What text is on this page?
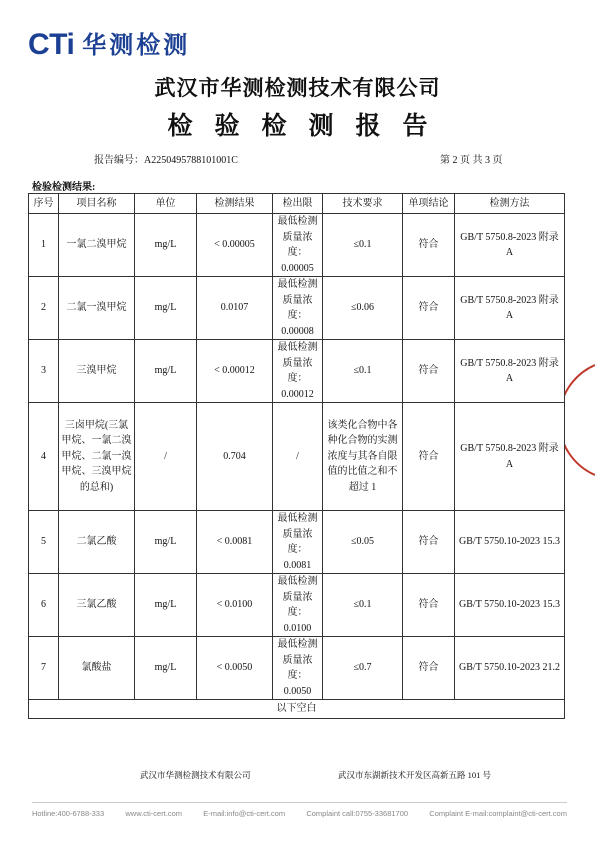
CTi 华测检测
武汉市华测检测技术有限公司
检验检测报告
报告编号：A2250495788101001C	第 2 页 共 3 页
检验检测结果:
序号	项目名称	单位	检测结果	检出限	技术要求	单项结论	检测方法
1	一氯二溴甲烷	mg/L	< 0.00005	最低检测质量浓度：0.00005	≤0.1	符合	GB/T 5750.8-2023 附录 A
2	二氯一溴甲烷	mg/L	0.0107	最低检测质量浓度：0.00008	≤0.06	符合	GB/T 5750.8-2023 附录 A
3	三溴甲烷	mg/L	< 0.00012	最低检测质量浓度：0.00012	≤0.1	符合	GB/T 5750.8-2023 附录 A
4	三卤甲烷(三氯甲烷、一氯二溴甲烷、二氯一溴甲烷、三溴甲烷的总和)	/	0.704	/	该类化合物中各种化合物的实测浓度与其各自限值的比值之和不超过 1	符合	GB/T 5750.8-2023 附录 A
5	二氯乙酸	mg/L	< 0.0081	最低检测质量浓度：0.0081	≤0.05	符合	GB/T 5750.10-2023 15.3
6	三氯乙酸	mg/L	< 0.0100	最低检测质量浓度：0.0100	≤0.1	符合	GB/T 5750.10-2023 15.3
7	氯酸盐	mg/L	< 0.0050	最低检测质量浓度：0.0050	≤0.7	符合	GB/T 5750.10-2023 21.2
以下空白							
武汉市华测检测技术有限公司	武汉市东湖新技术开发区高新五路 101 号
Hotline:400-6788-333	www.cti-cert.com	E-mail:info@cti-cert.com	Complaint call:0755-33681700	Complaint E-mail:complaint@cti-cert.com
